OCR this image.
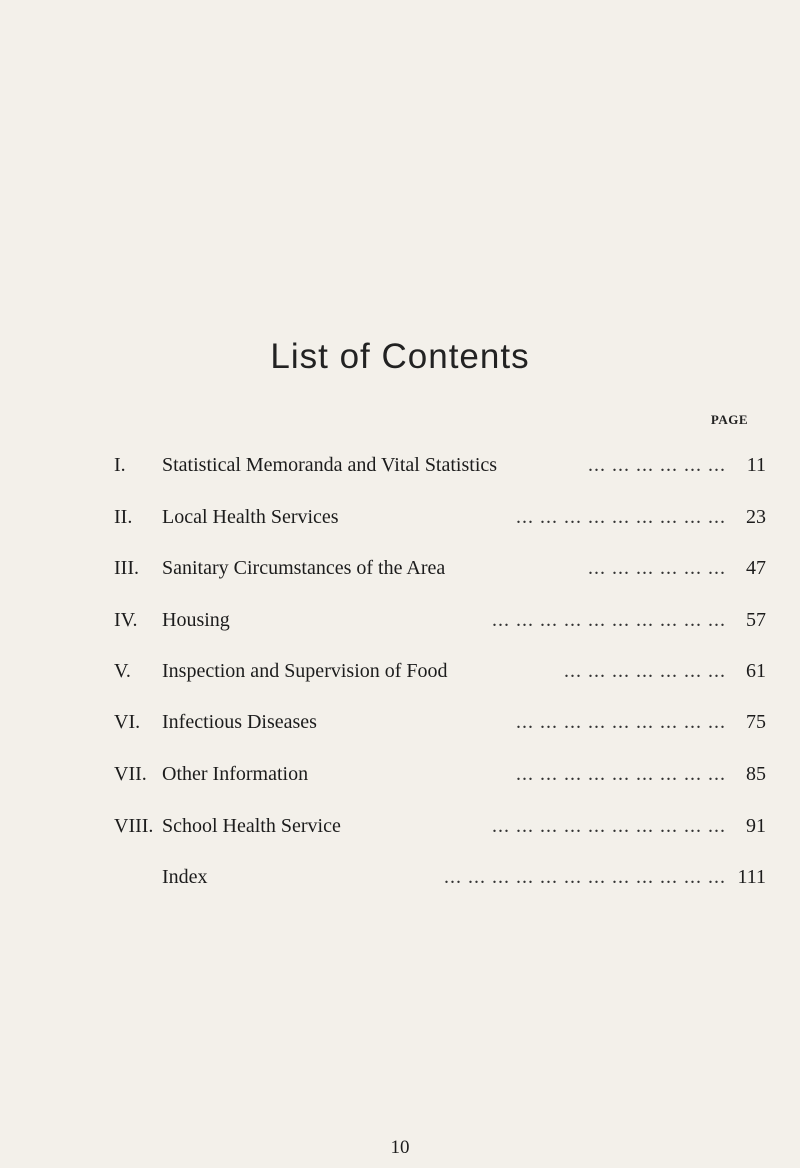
List of Contents
PAGE
I. Statistical Memoranda and Vital Statistics	... ... ... ... ... ...	11
II. Local Health Services	... ... ... ... ... ... ... ... ...	23
III. Sanitary Circumstances of the Area	... ... ... ... ... ...	47
IV. Housing	... ... ... ... ... ... ... ... ... ...	57
V. Inspection and Supervision of Food	... ... ... ... ... ... ...	61
VI. Infectious Diseases	... ... ... ... ... ... ... ... ...	75
VII. Other Information	... ... ... ... ... ... ... ... ...	85
VIII. School Health Service	... ... ... ... ... ... ... ... ... ...	91
Index	... ... ... ... ... ... ... ... ... ... ... ... 111
10
